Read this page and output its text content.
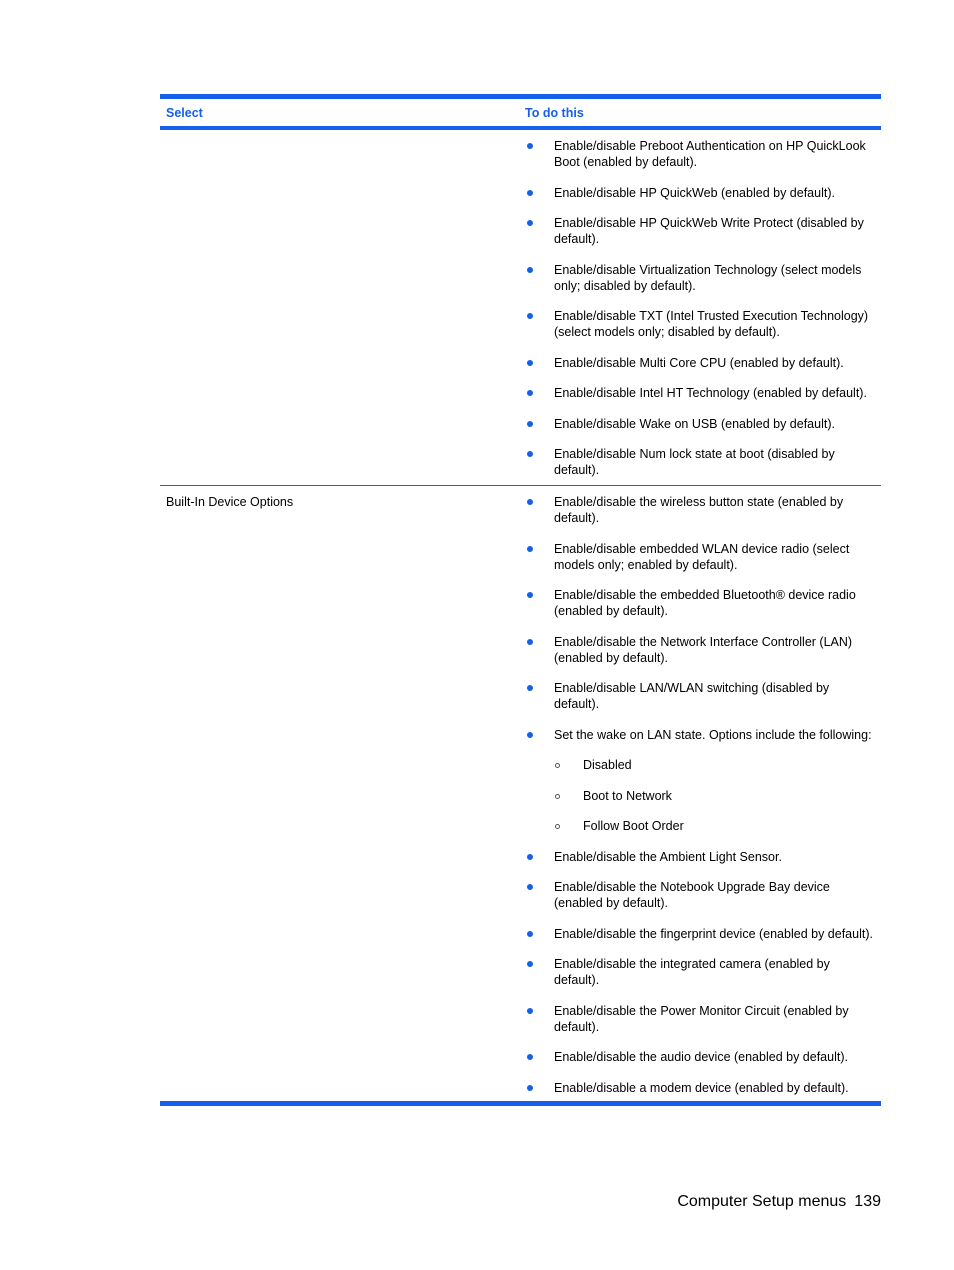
Select	To do this
Enable/disable Preboot Authentication on HP QuickLook Boot (enabled by default).
Enable/disable HP QuickWeb (enabled by default).
Enable/disable HP QuickWeb Write Protect (disabled by default).
Enable/disable Virtualization Technology (select models only; disabled by default).
Enable/disable TXT (Intel Trusted Execution Technology) (select models only; disabled by default).
Enable/disable Multi Core CPU (enabled by default).
Enable/disable Intel HT Technology (enabled by default).
Enable/disable Wake on USB (enabled by default).
Enable/disable Num lock state at boot (disabled by default).
Built-In Device Options	Enable/disable the wireless button state (enabled by default).
Enable/disable embedded WLAN device radio (select models only; enabled by default).
Enable/disable the embedded Bluetooth® device radio (enabled by default).
Enable/disable the Network Interface Controller (LAN) (enabled by default).
Enable/disable LAN/WLAN switching (disabled by default).
Set the wake on LAN state. Options include the following:
Disabled
Boot to Network
Follow Boot Order
Enable/disable the Ambient Light Sensor.
Enable/disable the Notebook Upgrade Bay device (enabled by default).
Enable/disable the fingerprint device (enabled by default).
Enable/disable the integrated camera (enabled by default).
Enable/disable the Power Monitor Circuit (enabled by default).
Enable/disable the audio device (enabled by default).
Enable/disable a modem device (enabled by default).
Computer Setup menus 139
